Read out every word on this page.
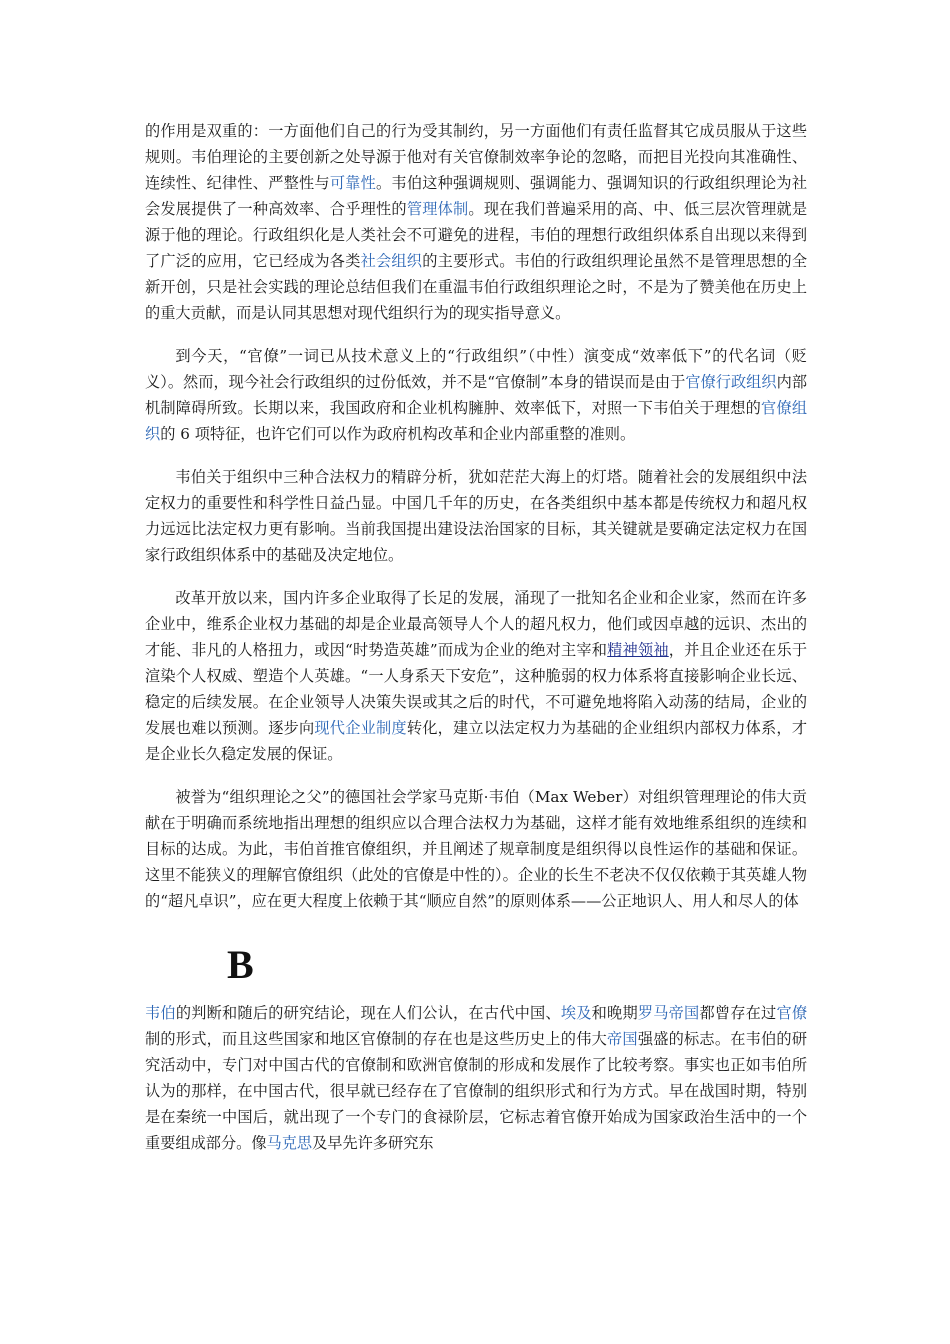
的作用是双重的：一方面他们自己的行为受其制约，另一方面他们有责任监督其它成员服从于这些规则。韦伯理论的主要创新之处导源于他对有关官僚制效率争论的忽略，而把目光投向其准确性、连续性、纪律性、严整性与可靠性。韦伯这种强调规则、强调能力、强调知识的行政组织理论为社会发展提供了一种高效率、合乎理性的管理体制。现在我们普遍采用的高、中、低三层次管理就是源于他的理论。行政组织化是人类社会不可避免的进程，韦伯的理想行政组织体系自出现以来得到了广泛的应用，它已经成为各类社会组织的主要形式。韦伯的行政组织理论虽然不是管理思想的全新开创，只是社会实践的理论总结但我们在重温韦伯行政组织理论之时，不是为了赞美他在历史上的重大贡献，而是认同其思想对现代组织行为的现实指导意义。

到今天，“官僚”一词已从技术意义上的“行政组织”（中性）演变成“效率低下”的代名词（贬义）。然而，现今社会行政组织的过份低效，并不是“官僚制”本身的错误而是由于官僚行政组织内部机制障碍所致。长期以来，我国政府和企业机构臃肿、效率低下，对照一下韦伯关于理想的官僚组织的 6 项特征，也许它们可以作为政府机构改革和企业内部重整的准则。

韦伯关于组织中三种合法权力的精辟分析，犹如茫茫大海上的灯塔。随着社会的发展组织中法定权力的重要性和科学性日益凸显。中国几千年的历史，在各类组织中基本都是传统权力和超凡权力远远比法定权力更有影响。当前我国提出建设法治国家的目标，其关键就是要确定法定权力在国家行政组织体系中的基础及决定地位。

改革开放以来，国内许多企业取得了长足的发展，涌现了一批知名企业和企业家，然而在许多企业中，维系企业权力基础的却是企业最高领导人个人的超凡权力，他们或因卓越的远识、杰出的才能、非凡的人格扭力，或因“时势造英雄”而成为企业的绝对主宰和精神领袖，并且企业还在乐于渲染个人权威、塑造个人英雄。“一人身系天下安危”，这种脆弱的权力体系将直接影响企业长远、稳定的后续发展。在企业领导人决策失误或其之后的时代，不可避免地将陷入动荡的结局，企业的发展也难以预测。逐步向现代企业制度转化，建立以法定权力为基础的企业组织内部权力体系，才是企业长久稳定发展的保证。

被誉为“组织理论之父”的德国社会学家马克斯·韦伯（Max Weber）对组织管理理论的伟大贡献在于明确而系统地指出理想的组织应以合理合法权力为基础，这样才能有效地维系组织的连续和目标的达成。为此，韦伯首推官僚组织，并且阐述了规章制度是组织得以良性运作的基础和保证。这里不能狭义的理解官僚组织（此处的官僚是中性的）。企业的长生不老决不仅仅依赖于其英雄人物的“超凡卓识”，应在更大程度上依赖于其“顺应自然”的原则体系——公正地识人、用人和尽人的体

B

韦伯的判断和随后的研究结论，现在人们公认，在古代中国、埃及和晚期罗马帝国都曾存在过官僚制的形式，而且这些国家和地区官僚制的存在也是这些历史上的伟大帝国强盛的标志。在韦伯的研究活动中，专门对中国古代的官僚制和欧洲官僚制的形成和发展作了比较考察。事实也正如韦伯所认为的那样，在中国古代，很早就已经存在了官僚制的组织形式和行为方式。早在战国时期，特别是在秦统一中国后，就出现了一个专门的食禄阶层，它标志着官僚开始成为国家政治生活中的一个重要组成部分。像马克思及早先许多研究东
